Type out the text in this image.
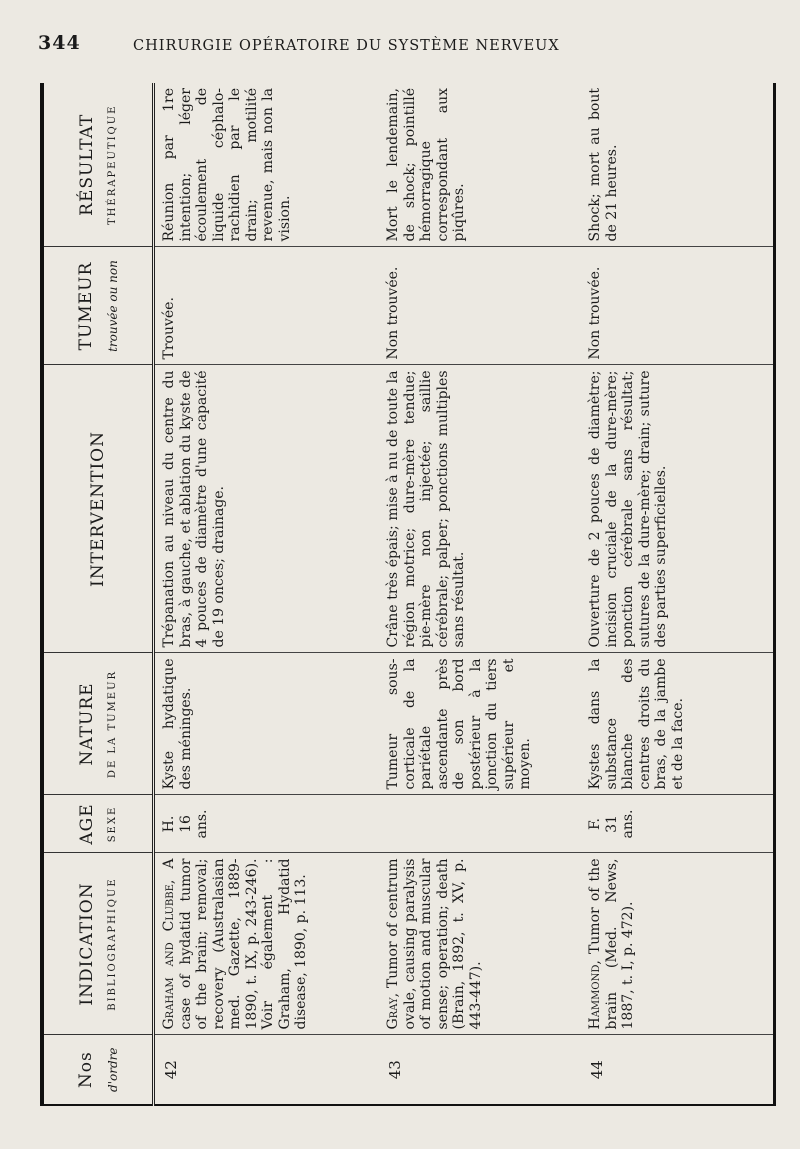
344	CHIRURGIE OPÉRATOIRE DU SYSTÈME NERVEUX
Nos d'ordre	INDICATION BIBLIOGRAPHIQUE	AGE SEXE	NATURE DE LA TUMEUR	INTERVENTION	TUMEUR trouvée ou non	RÉSULTAT THÉRAPEUTIQUE

42	Graham and Clubbe, A case of hydatid tumor of the brain; removal; recovery (Australasian med. Gazette, 1889-1890, t. IX, p. 243-246). Voir également : Graham, Hydatid disease, 1890, p. 113.	H. 16 ans.	Kyste hydatique des méninges.	Trépanation au niveau du centre du bras, à gauche, et ablation du kyste de 4 pouces de diamètre d'une capacité de 19 onces; drainage.	Trouvée.	Réunion par 1re intention; léger écoulement de liquide céphalo-rachidien par le drain; motilité revenue, mais non la vision.
43	Gray, Tumor of centrum ovale, causing paralysis of motion and muscular sense; operation; death (Brain, 1892, t. XV, p. 443-447).		Tumeur sous-corticale de la pariétale ascendante près de son bord postérieur à la jonction du tiers supérieur et moyen.	Crâne très épais; mise à nu de toute la région motrice; dure-mère tendue; pie-mère non injectée; saillie cérébrale; palper; ponctions multiples sans résultat.	Non trouvée.	Mort le lendemain, de shock; pointillé hémorragique correspondant aux piqûres.
44	Hammond, Tumor of the brain (Med. News, 1887, t. I, p. 472).	F. 31 ans.	Kystes dans la substance blanche des centres droits du bras, de la jambe et de la face.	Ouverture de 2 pouces de diamètre; incision cruciale de la dure-mère; ponction cérébrale sans résultat; sutures de la dure-mère; drain; suture des parties superficielles.	Non trouvée.	Shock; mort au bout de 21 heures.
